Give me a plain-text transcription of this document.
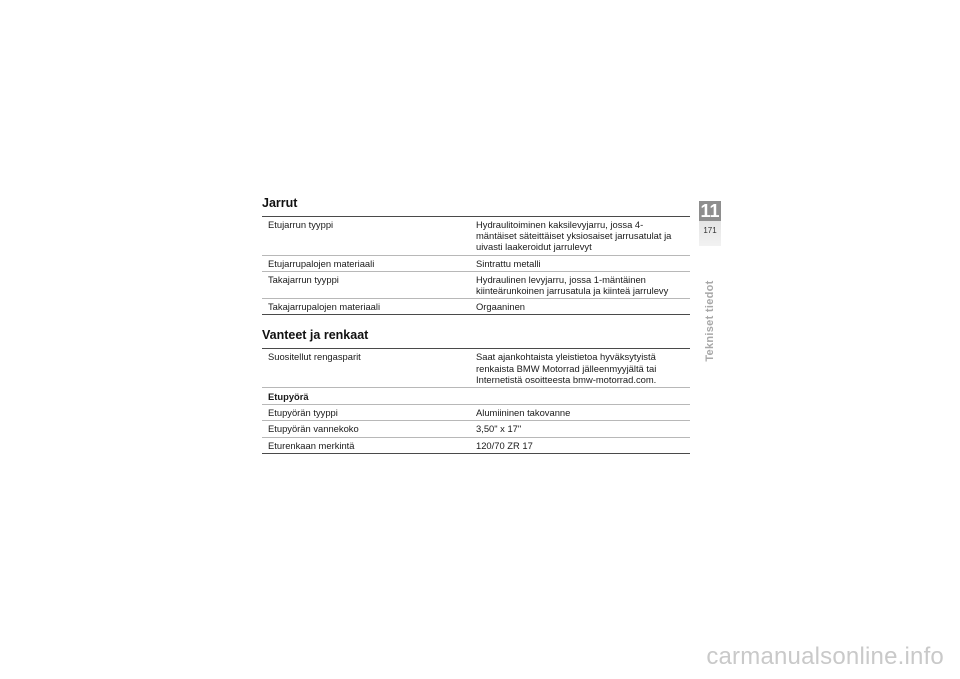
Jarrut
Etujarrun tyyppi	Hydraulitoiminen kaksilevyjarru, jossa 4-mäntäiset säteittäiset yksiosaiset jarrusatulat ja uivasti laakeroidut jarrulevyt
Etujarrupalojen materiaali	Sintrattu metalli
Takajarrun tyyppi	Hydraulinen levyjarru, jossa 1-mäntäinen kiinteärunkoinen jarrusatula ja kiinteä jarrulevy
Takajarrupalojen materiaali	Orgaaninen
Vanteet ja renkaat
Suositellut rengasparit	Saat ajankohtaista yleistietoa hyväksytyistä renkaista BMW Motorrad jälleenmyyjältä tai Internetistä osoitteesta bmw-motorrad.com.
Etupyörä
Etupyörän tyyppi	Alumiininen takovanne
Etupyörän vannekoko	3,50" x 17"
Eturenkaan merkintä	120/70 ZR 17
11
171
Tekniset tiedot
carmanualsonline.info
